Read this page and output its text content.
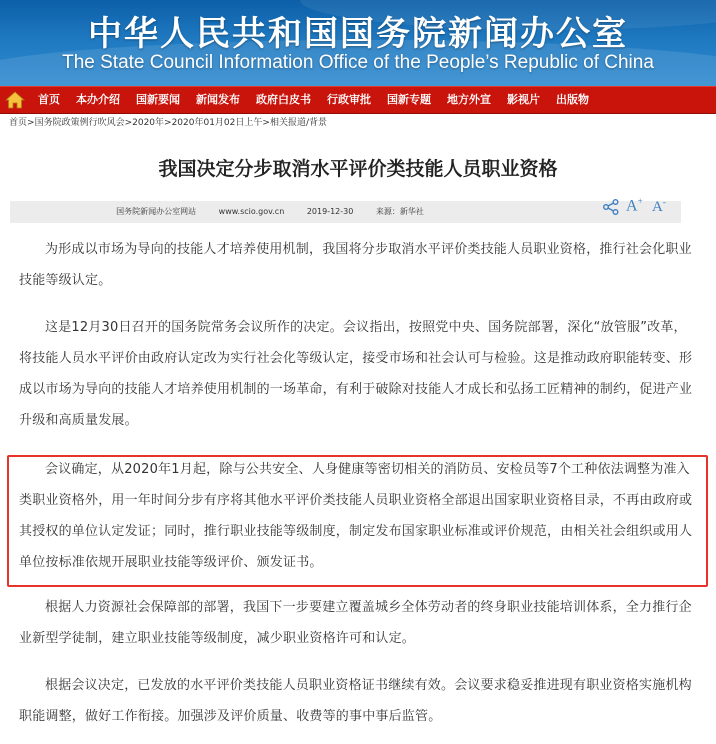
中华人民共和国国务院新闻办公室
The State Council Information Office of the People’s Republic of China
首页	本办介绍	国新要闻	新闻发布	政府白皮书	行政审批	国新专题	地方外宣	影视片	出版物
首页>国务院政策例行吹风会>2020年>2020年01月02日上午>相关报道/背景
我国决定分步取消水平评价类技能人员职业资格
国务院新闻办公室网站	www.scio.gov.cn	2019-12-30	来源：新华社	A+ A-
为形成以市场为导向的技能人才培养使用机制，我国将分步取消水平评价类技能人员职业资格，推行社会化职业技能等级认定。
这是12月30日召开的国务院常务会议所作的决定。会议指出，按照党中央、国务院部署，深化“放管服”改革，将技能人员水平评价由政府认定改为实行社会化等级认定，接受市场和社会认可与检验。这是推动政府职能转变、形成以市场为导向的技能人才培养使用机制的一场革命，有利于破除对技能人才成长和弘扬工匠精神的制约，促进产业升级和高质量发展。
会议确定，从2020年1月起，除与公共安全、人身健康等密切相关的消防员、安检员等7个工种依法调整为准入类职业资格外，用一年时间分步有序将其他水平评价类技能人员职业资格全部退出国家职业资格目录，不再由政府或其授权的单位认定发证；同时，推行职业技能等级制度，制定发布国家职业标准或评价规范，由相关社会组织或用人单位按标准依规开展职业技能等级评价、颁发证书。
根据人力资源社会保障部的部署，我国下一步要建立覆盖城乡全体劳动者的终身职业技能培训体系，全力推行企业新型学徒制，建立职业技能等级制度，减少职业资格许可和认定。
根据会议决定，已发放的水平评价类技能人员职业资格证书继续有效。会议要求稳妥推进现有职业资格实施机构职能调整，做好工作衔接。加强涉及评价质量、收费等的事中事后监管。
